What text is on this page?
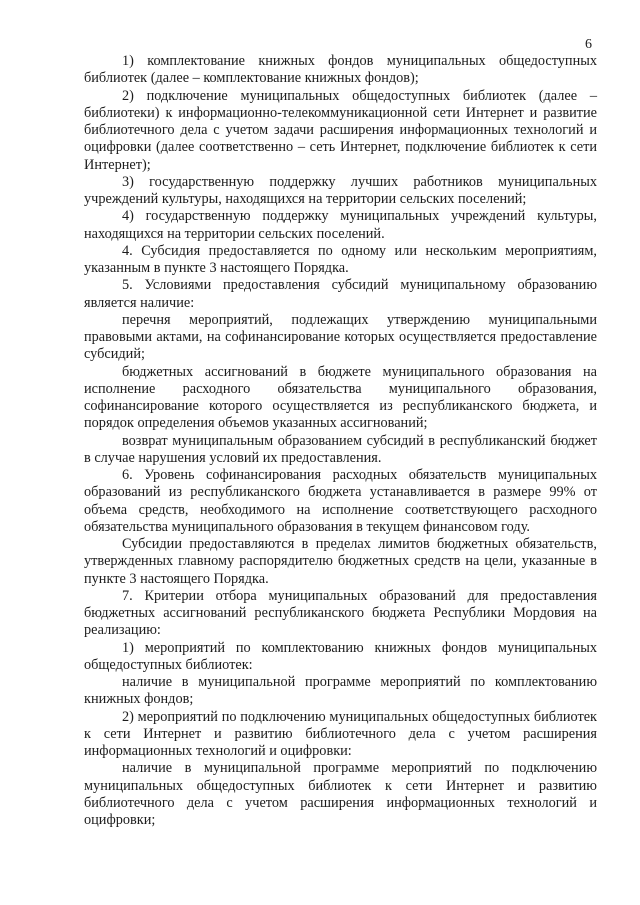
6

1) комплектование книжных фондов муниципальных общедоступных библиотек (далее – комплектование книжных фондов);

2) подключение муниципальных общедоступных библиотек (далее – библиотеки) к информационно-телекоммуникационной сети Интернет и развитие библиотечного дела с учетом задачи расширения информационных технологий и оцифровки (далее соответственно – сеть Интернет, подключение библиотек к сети Интернет);

3) государственную поддержку лучших работников муниципальных учреждений культуры, находящихся на территории сельских поселений;

4) государственную поддержку муниципальных учреждений культуры, находящихся на территории сельских поселений.

4. Субсидия предоставляется по одному или нескольким мероприятиям, указанным в пункте 3 настоящего Порядка.

5. Условиями предоставления субсидий муниципальному образованию является наличие:

перечня мероприятий, подлежащих утверждению муниципальными правовыми актами, на софинансирование которых осуществляется предоставление субсидий;

бюджетных ассигнований в бюджете муниципального образования на исполнение расходного обязательства муниципального образования, софинансирование которого осуществляется из республиканского бюджета, и порядок определения объемов указанных ассигнований;

возврат муниципальным образованием субсидий в республиканский бюджет в случае нарушения условий их предоставления.

6. Уровень софинансирования расходных обязательств муниципальных образований из республиканского бюджета устанавливается в размере 99% от объема средств, необходимого на исполнение соответствующего расходного обязательства муниципального образования в текущем финансовом году.

Субсидии предоставляются в пределах лимитов бюджетных обязательств, утвержденных главному распорядителю бюджетных средств на цели, указанные в пункте 3 настоящего Порядка.

7. Критерии отбора муниципальных образований для предоставления бюджетных ассигнований республиканского бюджета Республики Мордовия на реализацию:

1) мероприятий по комплектованию книжных фондов муниципальных общедоступных библиотек:

наличие в муниципальной программе мероприятий по комплектованию книжных фондов;

2) мероприятий по подключению муниципальных общедоступных библиотек к сети Интернет и развитию библиотечного дела с учетом расширения информационных технологий и оцифровки:

наличие в муниципальной программе мероприятий по подключению муниципальных общедоступных библиотек к сети Интернет и развитию библиотечного дела с учетом расширения информационных технологий и оцифровки;
